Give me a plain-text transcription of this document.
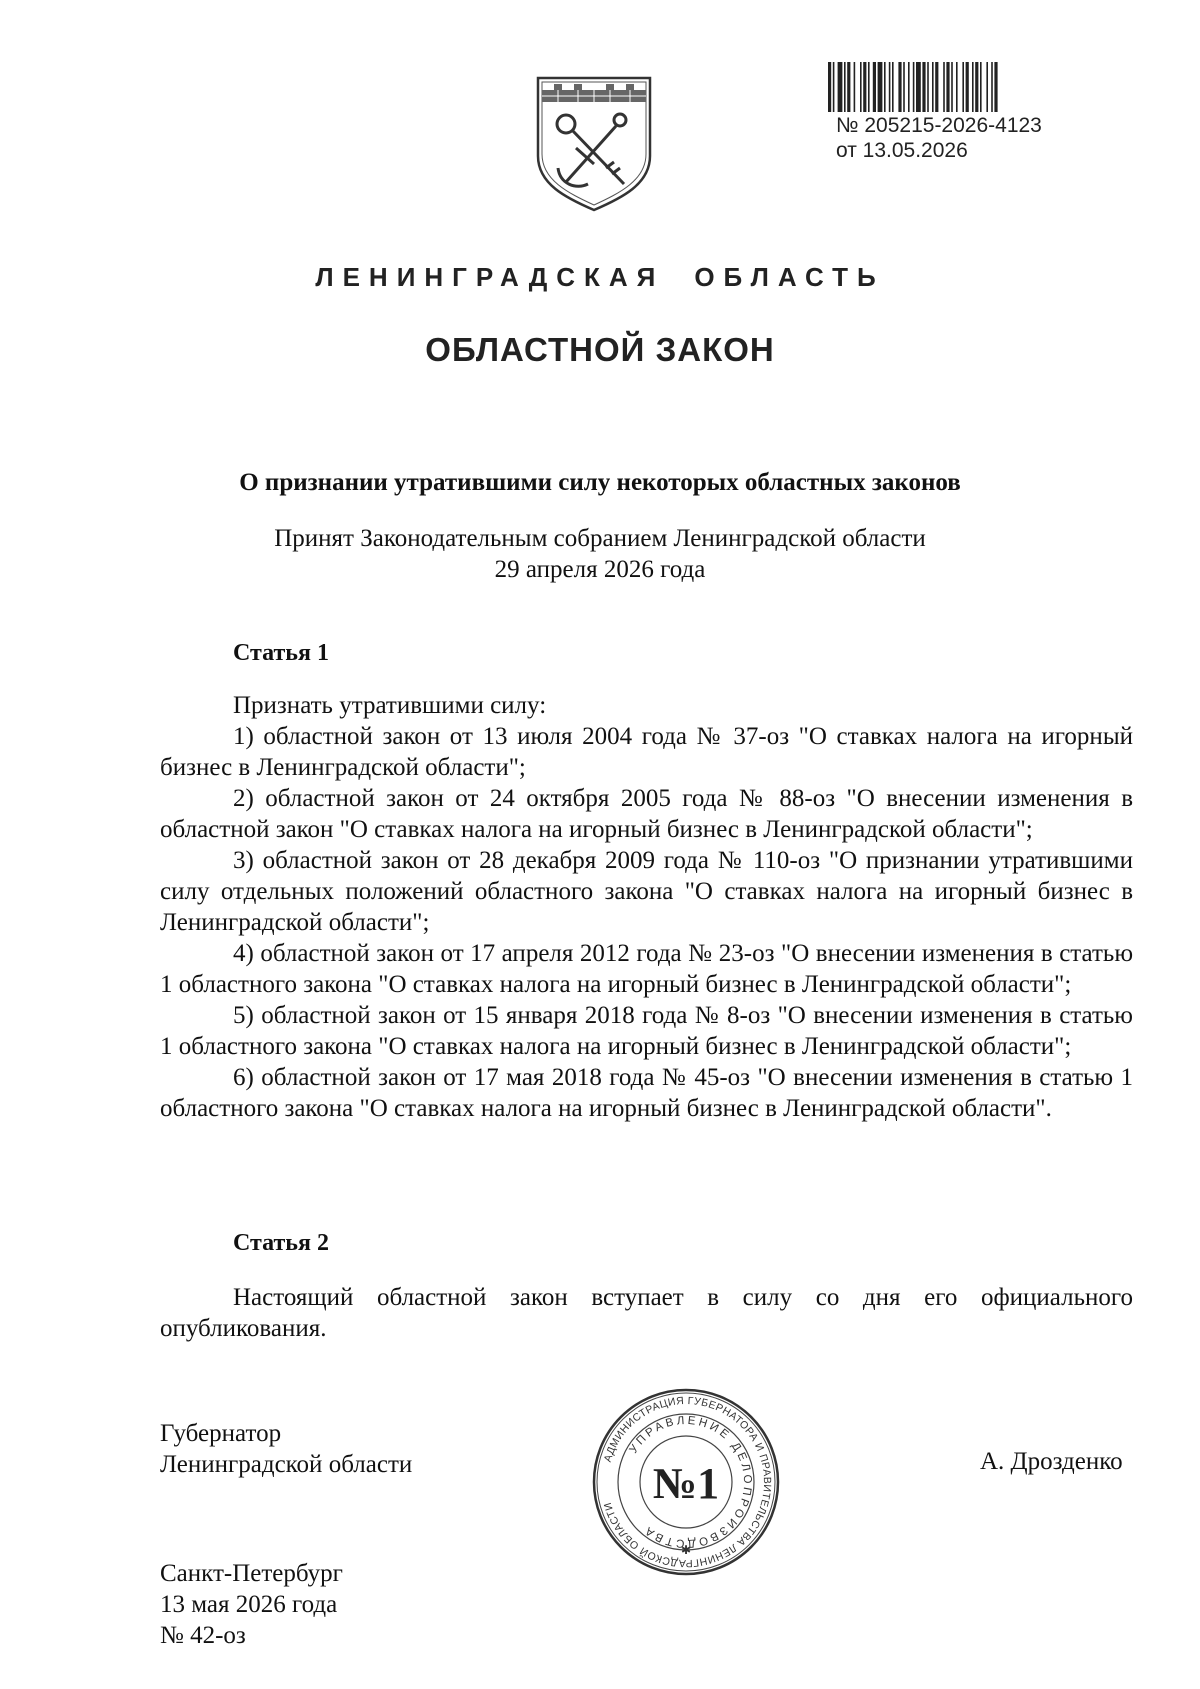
№ 205215-2026-4123
от 13.05.2026
ЛЕНИНГРАДСКАЯ ОБЛАСТЬ
ОБЛАСТНОЙ ЗАКОН
О признании утратившими силу некоторых областных законов
Принят Законодательным собранием Ленинградской области
29 апреля 2026 года
Статья 1

Признать утратившими силу:

1) областной закон от 13 июля 2004 года № 37-оз "О ставках налога на игорный бизнес в Ленинградской области";

2) областной закон от 24 октября 2005 года № 88-оз "О внесении изменения в областной закон "О ставках налога на игорный бизнес в Ленинградской области";

3) областной закон от 28 декабря 2009 года № 110-оз "О признании утратившими силу отдельных положений областного закона "О ставках налога на игорный бизнес в Ленинградской области";

4) областной закон от 17 апреля 2012 года № 23-оз "О внесении изменения в статью 1 областного закона "О ставках налога на игорный бизнес в Ленинградской области";

5) областной закон от 15 января 2018 года № 8-оз "О внесении изменения в статью 1 областного закона "О ставках налога на игорный бизнес в Ленинградской области";

6) областной закон от 17 мая 2018 года № 45-оз "О внесении изменения в статью 1 областного закона "О ставках налога на игорный бизнес в Ленинградской области".

Статья 2

Настоящий областной закон вступает в силу со дня его официального опубликования.

Губернатор
Ленинградской области	А. Дрозденко
АДМИНИСТРАЦИЯ ГУБЕРНАТОРА И ПРАВИТЕЛЬСТВА ЛЕНИНГРАДСКОЙ ОБЛАСТИ
УПРАВЛЕНИЕ ДЕЛОПРОИЗВОДСТВА
№1
✱
Санкт-Петербург
13 мая 2026 года
№ 42-оз
